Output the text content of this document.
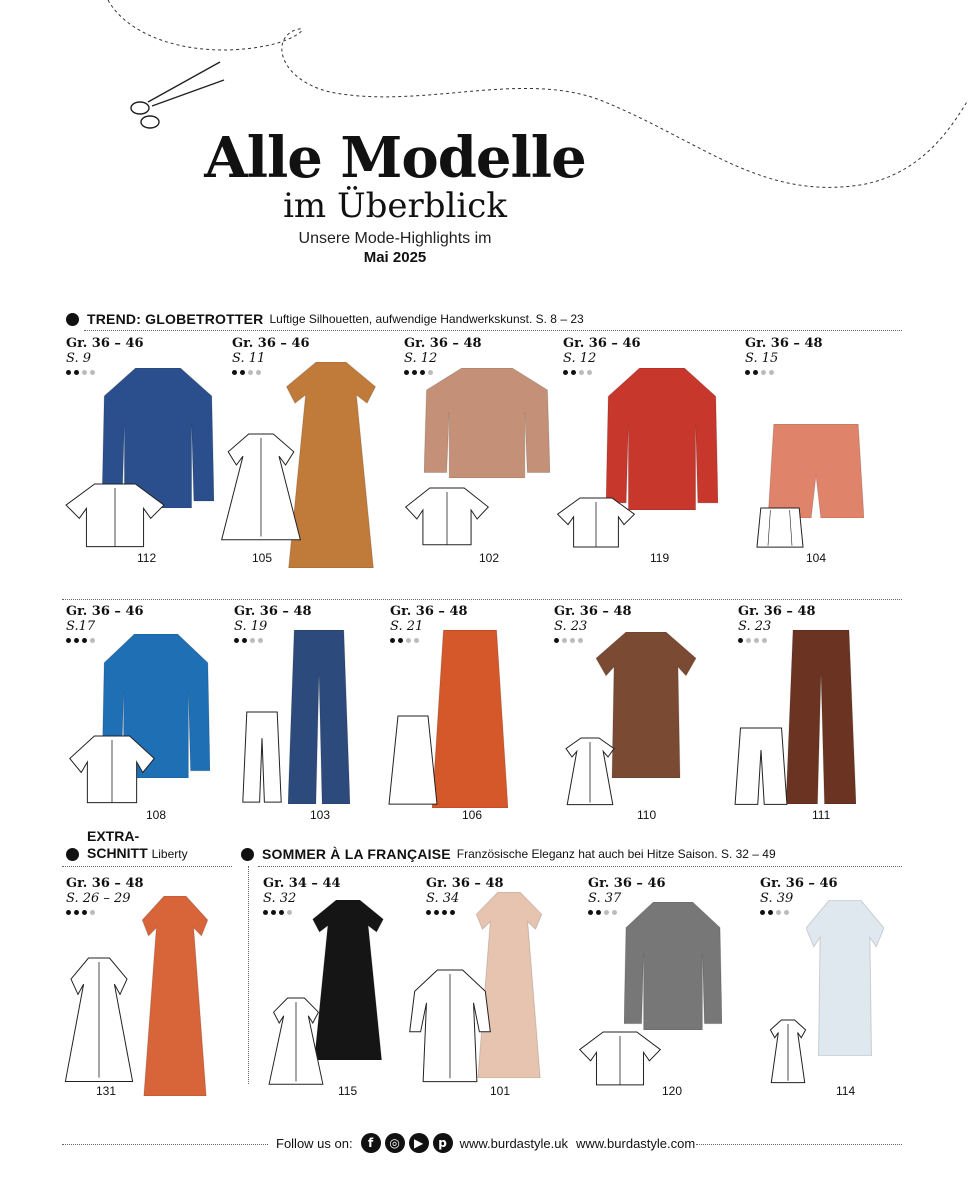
Alle Modelle
im Überblick
Unsere Mode-Highlights im
Mai 2025
TREND: GLOBETROTTER Luftige Silhouetten, aufwendige Handwerkskunst. S. 8 – 23
EXTRA-
SCHNITT Liberty	SOMMER À LA FRANÇAISE Französische Eleganz hat auch bei Hitze Saison. S. 32 – 49
Gr. 36 – 46
S. 9
112
Gr. 36 – 46
S. 11
105
Gr. 36 – 48
S. 12
102
Gr. 36 – 46
S. 12
119
Gr. 36 – 48
S. 15
104
Gr. 36 – 46
S.17
108
Gr. 36 – 48
S. 19
103
Gr. 36 – 48
S. 21
106
Gr. 36 – 48
S. 23
110
Gr. 36 – 48
S. 23
111
Gr. 36 – 48
S. 26 – 29
131
Gr. 34 – 44
S. 32
115
Gr. 36 – 48
S. 34
101
Gr. 36 – 46
S. 37
120
Gr. 36 – 46
S. 39
114
Follow us on:	f	◎	▶	p www.burdastyle.uk www.burdastyle.com
